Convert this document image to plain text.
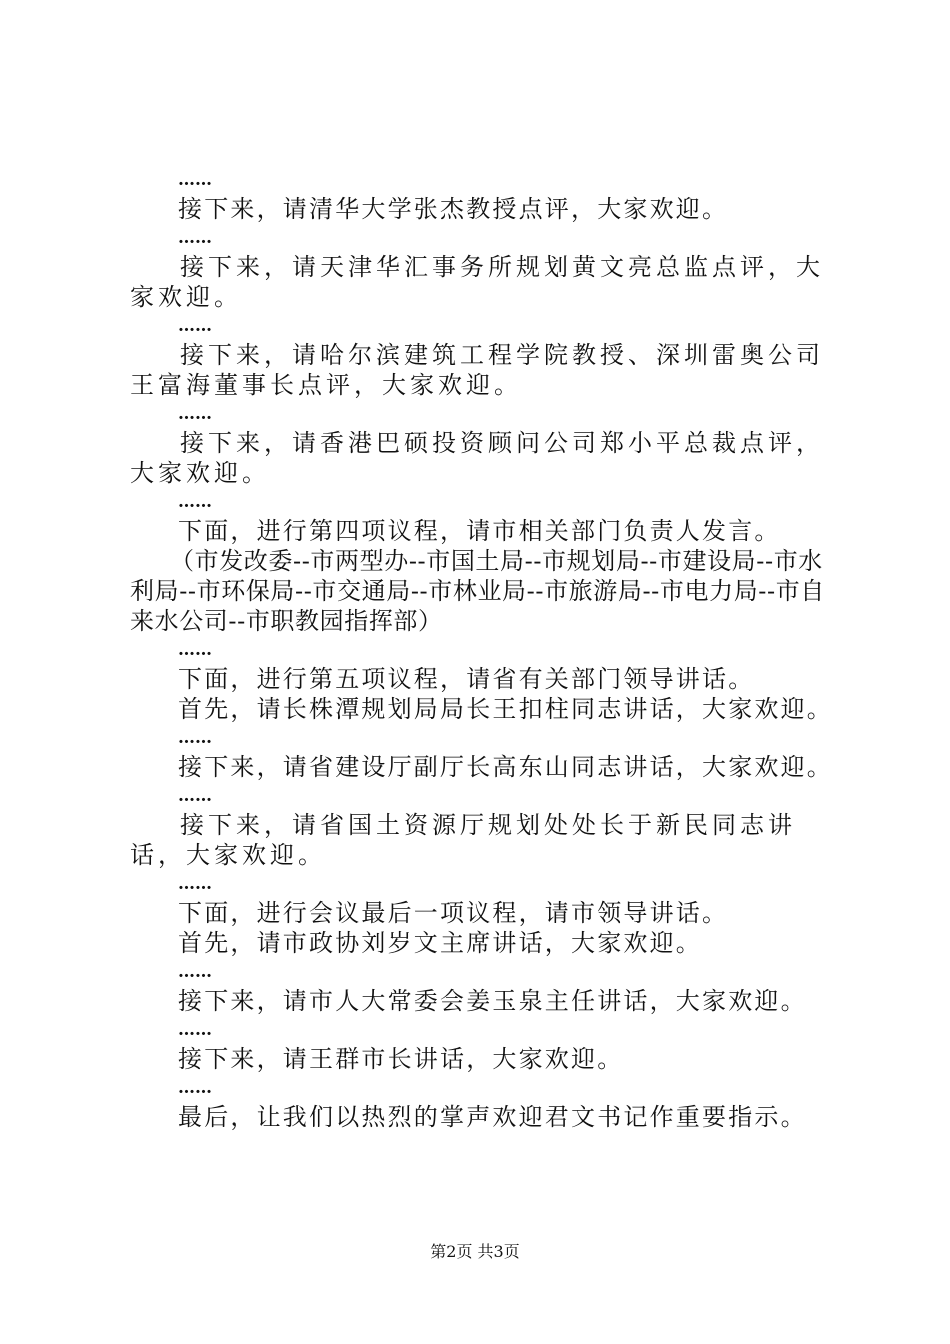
……
接下来，请清华大学张杰教授点评，大家欢迎。
……

接下来，请天津华汇事务所规划黄文亮总监点评，大家欢迎。

……

接下来，请哈尔滨建筑工程学院教授、深圳雷奥公司王富海董事长点评，大家欢迎。

……

接下来，请香港巴硕投资顾问公司郑小平总裁点评，大家欢迎。

……
下面，进行第四项议程，请市相关部门负责人发言。

（市发改委--市两型办--市国土局--市规划局--市建设局--市水利局--市环保局--市交通局--市林业局--市旅游局--市电力局--市自来水公司--市职教园指挥部）

……
下面，进行第五项议程，请省有关部门领导讲话。
首先，请长株潭规划局局长王扣柱同志讲话，大家欢迎。
……
接下来，请省建设厅副厅长高东山同志讲话，大家欢迎。
……

接下来，请省国土资源厅规划处处长于新民同志讲话，大家欢迎。

……
下面，进行会议最后一项议程，请市领导讲话。
首先，请市政协刘岁文主席讲话，大家欢迎。
……
接下来，请市人大常委会姜玉泉主任讲话，大家欢迎。
……
接下来，请王群市长讲话，大家欢迎。
……
最后，让我们以热烈的掌声欢迎君文书记作重要指示。
第2页 共3页
